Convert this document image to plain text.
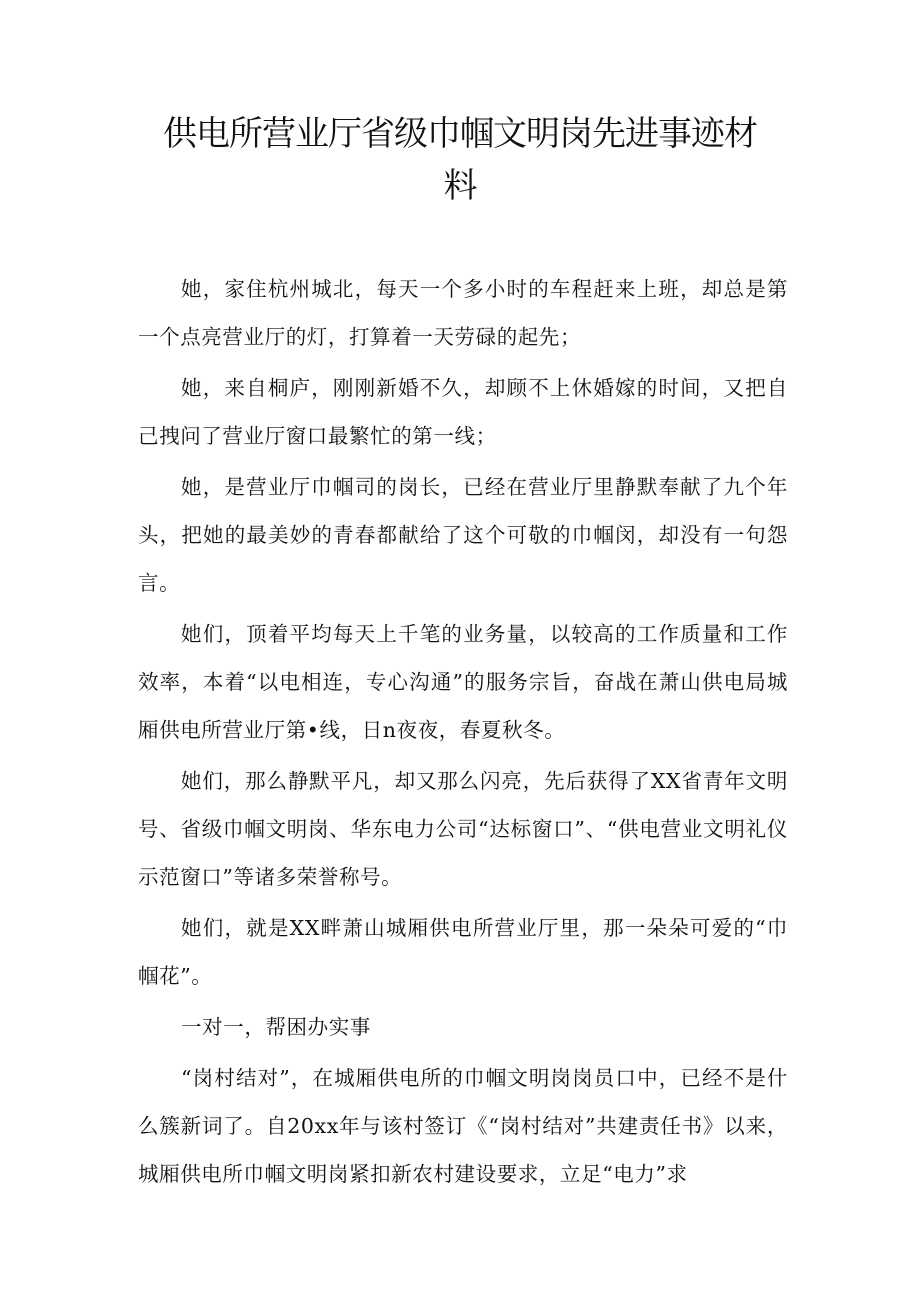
供电所营业厅省级巾帼文明岗先进事迹材料

她，家住杭州城北，每天一个多小时的车程赶来上班，却总是第一个点亮营业厅的灯，打算着一天劳碌的起先；

她，来自桐庐，刚刚新婚不久，却顾不上休婚嫁的时间，又把自己拽问了营业厅窗口最繁忙的第一线；

她，是营业厅巾帼司的岗长，已经在营业厅里静默奉献了九个年头，把她的最美妙的青春都献给了这个可敬的巾帼闵，却没有一句怨言。

她们，顶着平均每天上千笔的业务量，以较高的工作质量和工作效率，本着“以电相连，专心沟通”的服务宗旨，奋战在萧山供电局城厢供电所营业厅第•线，日n夜夜，春夏秋冬。

她们，那么静默平凡，却又那么闪亮，先后获得了XX省青年文明号、省级巾帼文明岗、华东电力公司“达标窗口”、“供电营业文明礼仪示范窗口”等诸多荣誉称号。

她们，就是XX畔萧山城厢供电所营业厅里，那一朵朵可爱的“巾帼花”。

一对一，帮困办实事

“岗村结对”，在城厢供电所的巾帼文明岗岗员口中，已经不是什么簇新词了。自20xx年与该村签订《“岗村结对”共建责任书》以来，城厢供电所巾帼文明岗紧扣新农村建设要求，立足“电力”求
